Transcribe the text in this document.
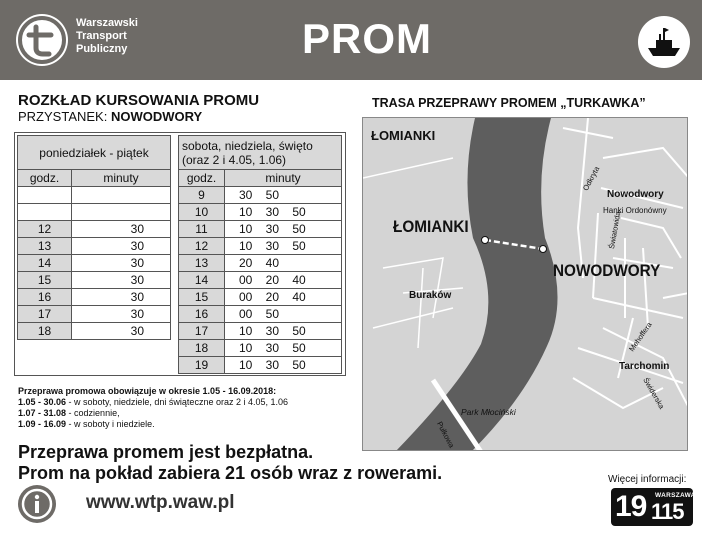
Warszawski
Transport
Publiczny	PROM
ROZKŁAD KURSOWANIA PROMU
PRZYSTANEK: NOWODWORY
poniedziałek - piątek	
godz.	minuty

12	30
13	30
14	30
15	30
16	30
17	30
18	30
sobota, niedziela, święto
(oraz 2 i 4.05, 1.06)	

godz.	minuty
9	30 50
10	10 30 50
11	10 30 50
12	10 30 50
13	20 40
14	00 20 40
15	00 20 40
16	00 50
17	10 30 50
18	10 30 50
19	10 30 50
Przeprawa promowa obowiązuje w okresie 1.05 - 16.09.2018:
1.05 - 30.06 - w soboty, niedziele, dni świąteczne oraz 2 i 4.05, 1.06
1.07 - 31.08 - codziennie,
1.09 - 16.09 - w soboty i niedziele.
Przeprawa promem jest bezpłatna.
Prom na pokład zabiera 21 osób wraz z rowerami.
www.wtp.waw.pl
TRASA PRZEPRAWY PROMEM „TURKAWKA”
ŁOMIANKI
ŁOMIANKI
NOWODWORY
Nowodwory
Hanki Ordonówny
Buraków
Tarchomin
Park Młociński
Odkryta
Światowida
Mehoffera
Świderska
Pułkowa
Więcej informacji:
WARSZAWA
19 115
